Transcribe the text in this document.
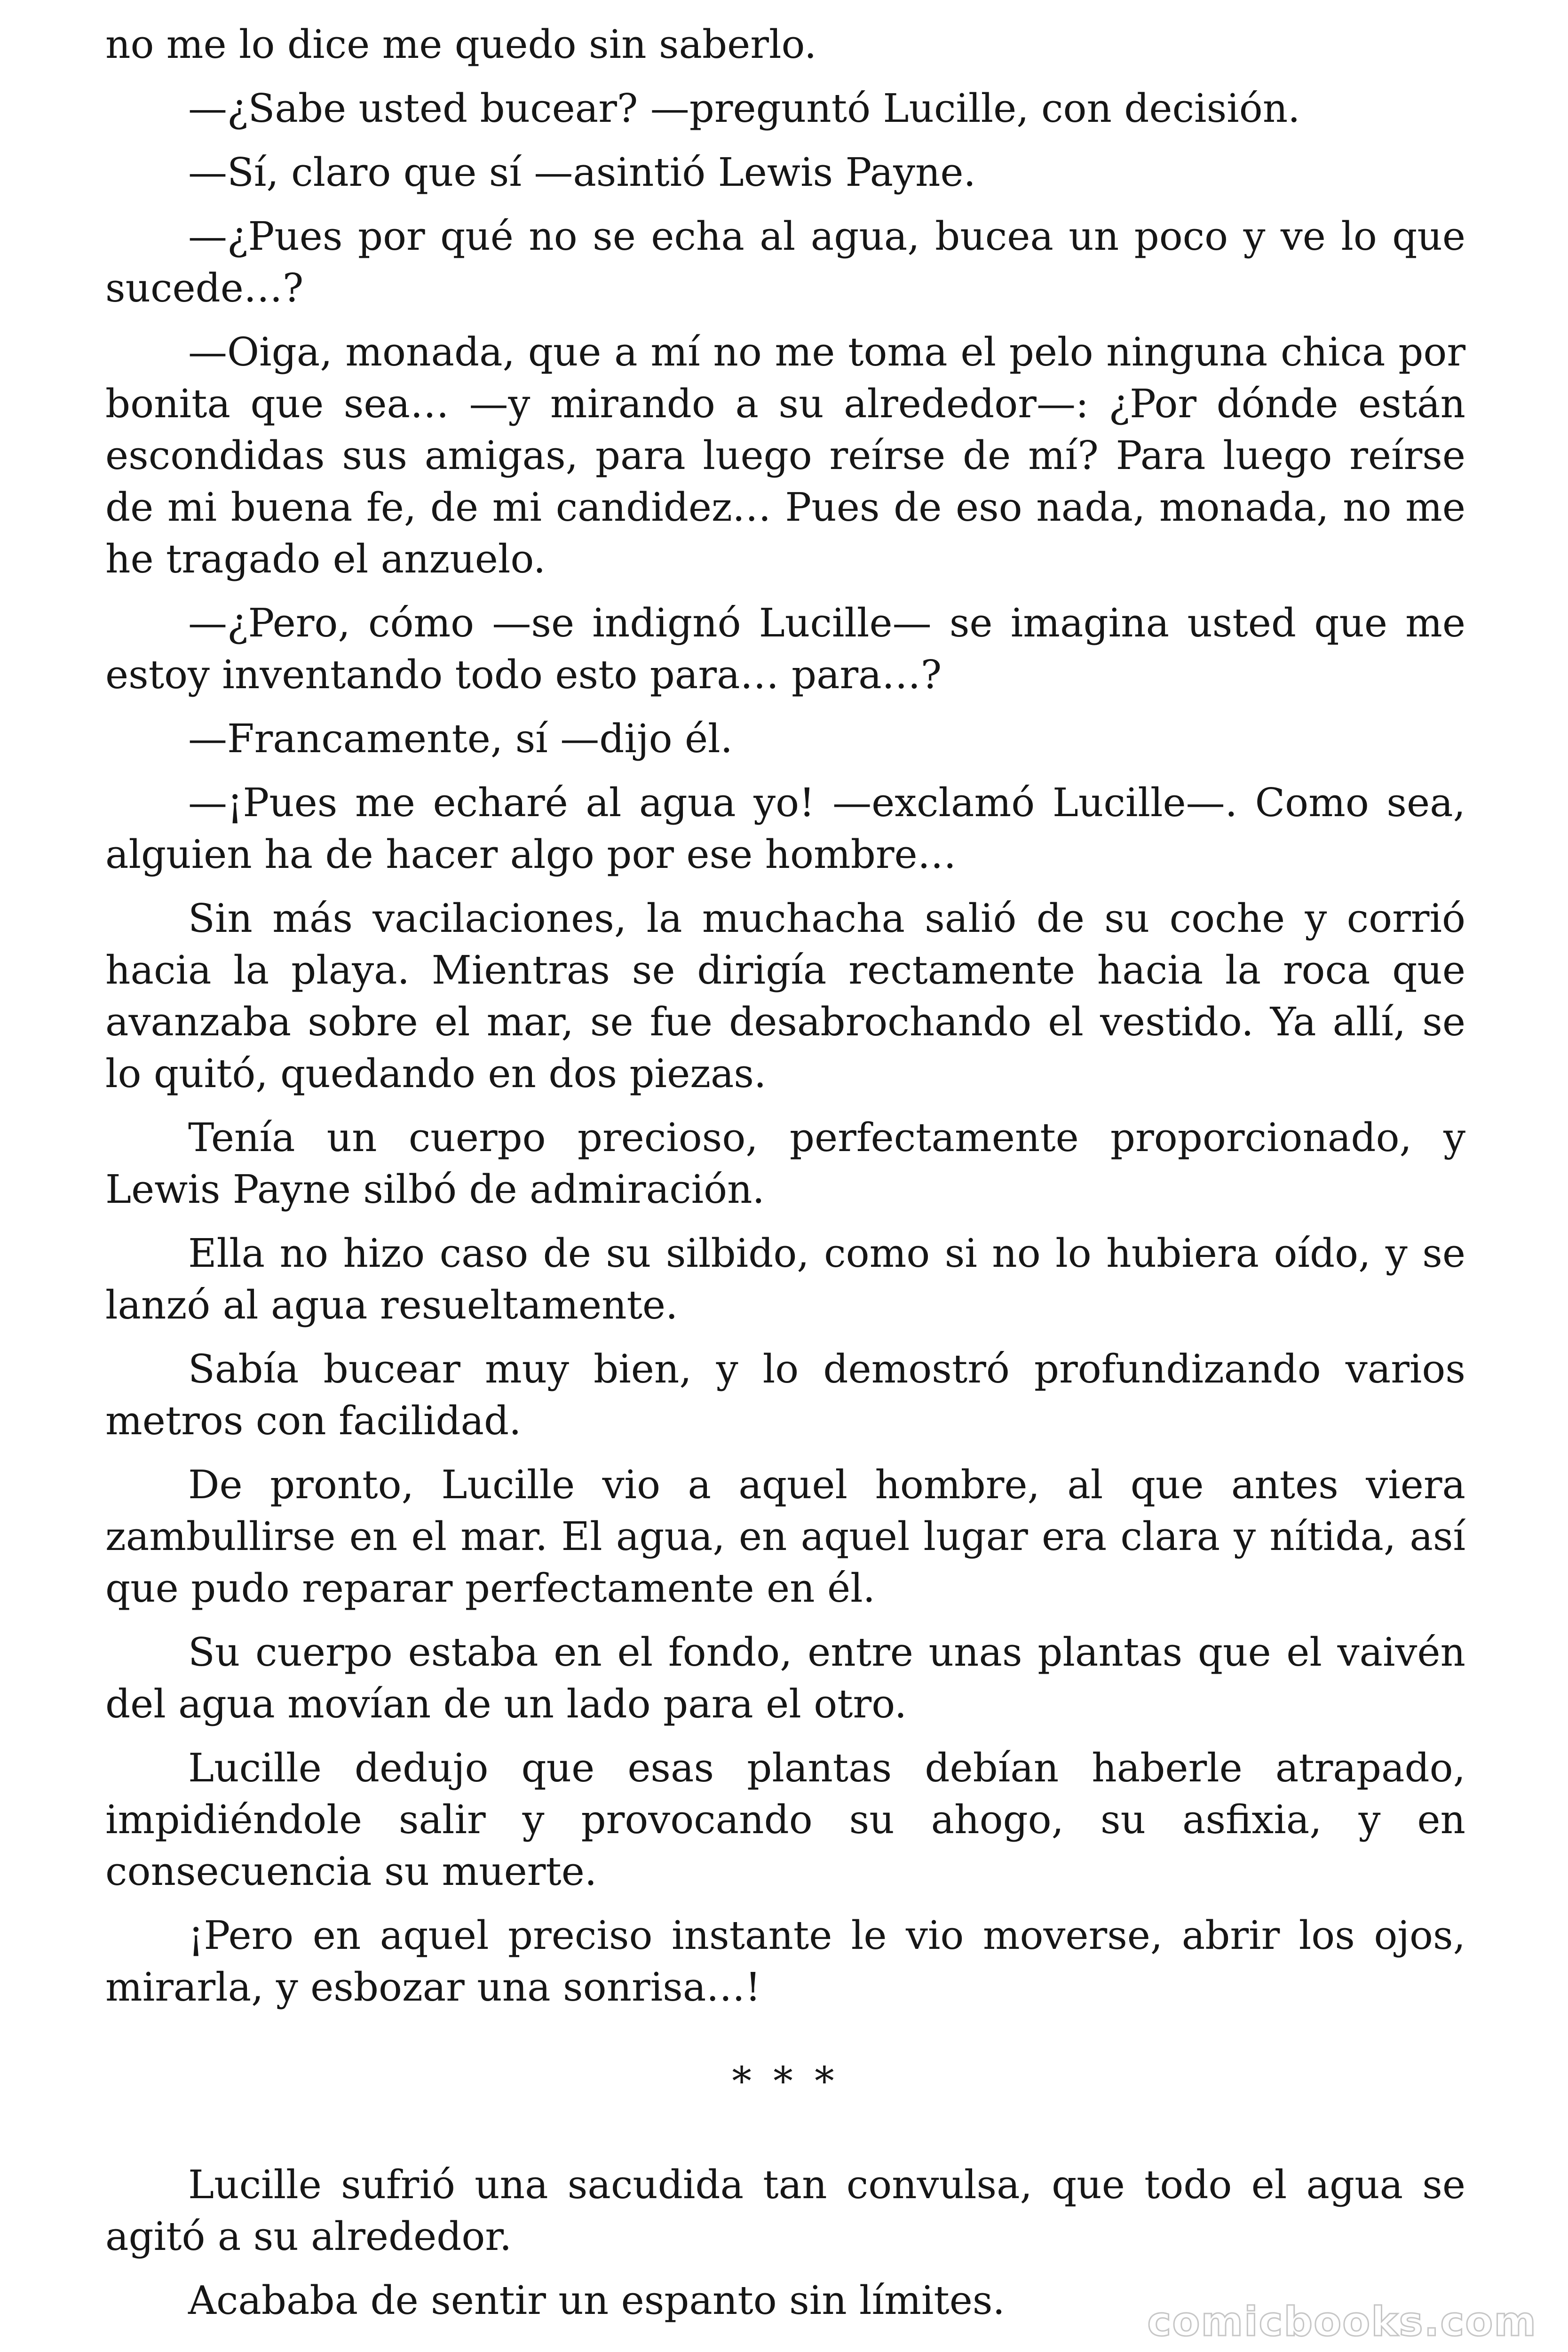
no me lo dice me quedo sin saberlo.

—¿Sabe usted bucear? —preguntó Lucille, con decisión.

—Sí, claro que sí —asintió Lewis Payne.

—¿Pues por qué no se echa al agua, bucea un poco y ve lo que sucede…?

—Oiga, monada, que a mí no me toma el pelo ninguna chica por bonita que sea… —y mirando a su alrededor—: ¿Por dónde están escondidas sus amigas, para luego reírse de mí? Para luego reírse de mi buena fe, de mi candidez… Pues de eso nada, monada, no me he tragado el anzuelo.

—¿Pero, cómo —se indignó Lucille— se imagina usted que me estoy inventando todo esto para… para…?

—Francamente, sí —dijo él.

—¡Pues me echaré al agua yo! —exclamó Lucille—. Como sea, alguien ha de hacer algo por ese hombre…

Sin más vacilaciones, la muchacha salió de su coche y corrió hacia la playa. Mientras se dirigía rectamente hacia la roca que avanzaba sobre el mar, se fue desabrochando el vestido. Ya allí, se lo quitó, quedando en dos piezas.

Tenía un cuerpo precioso, perfectamente proporcionado, y Lewis Payne silbó de admiración.

Ella no hizo caso de su silbido, como si no lo hubiera oído, y se lanzó al agua resueltamente.

Sabía bucear muy bien, y lo demostró profundizando varios metros con facilidad.

De pronto, Lucille vio a aquel hombre, al que antes viera zambullirse en el mar. El agua, en aquel lugar era clara y nítida, así que pudo reparar perfectamente en él.

Su cuerpo estaba en el fondo, entre unas plantas que el vaivén del agua movían de un lado para el otro.

Lucille dedujo que esas plantas debían haberle atrapado, impidiéndole salir y provocando su ahogo, su asfixia, y en consecuencia su muerte.

¡Pero en aquel preciso instante le vio moverse, abrir los ojos, mirarla, y esbozar una sonrisa…!

* * *

Lucille sufrió una sacudida tan convulsa, que todo el agua se agitó a su alrededor.

Acababa de sentir un espanto sin límites.	comicbooks.com
